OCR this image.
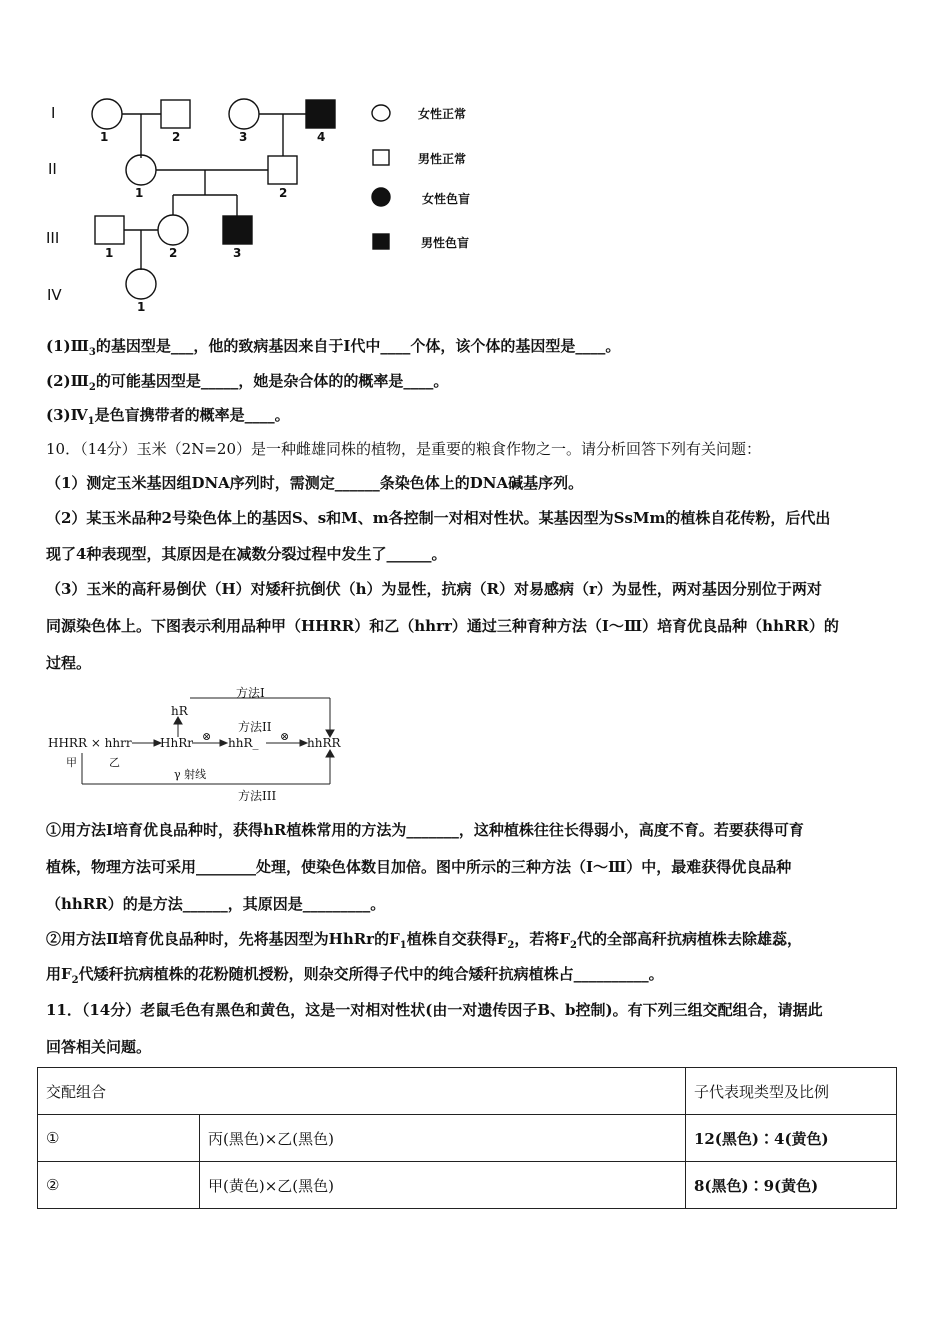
I
II
III
IV
1	2	3	4
1	2
1	2	3
1
女性正常
男性正常
女性色盲
男性色盲
$(1)Ⅲ_3$的基因型是___，他的致病基因来自于Ⅰ代中____个体，该个体的基因型是____。
$(2)Ⅲ_2$的可能基因型是_____，她是杂合体的的概率是____。
$(3)Ⅳ_1$是色盲携带者的概率是____。
10．（14分）玉米（2N=20）是一种雌雄同株的植物，是重要的粮食作物之一。请分析回答下列有关问题：
（1）测定玉米基因组DNA序列时，需测定______条染色体上的DNA碱基序列。
（2）某玉米品种2号染色体上的基因S、s和M、m各控制一对相对性状。某基因型为SsMm的植株自花传粉，后代出
现了4种表现型，其原因是在减数分裂过程中发生了______。
（3）玉米的高秆易倒伏（H）对矮秆抗倒伏（h）为显性，抗病（R）对易感病（r）为显性，两对基因分别位于两对
同源染色体上。下图表示利用品种甲（HHRR）和乙（hhrr）通过三种育种方法（Ⅰ～Ⅲ）培育优良品种（hhRR）的
过程。
方法I
hR
方法II
HHRR × hhrr HhRr ⊗ hhR_ ⊗ hhRR
甲	乙
γ 射线
方法III
①用方法Ⅰ培育优良品种时，获得hR植株常用的方法为_______，这种植株往往长得弱小，高度不育。若要获得可育
植株，物理方法可采用________处理，使染色体数目加倍。图中所示的三种方法（Ⅰ～Ⅲ）中，最难获得优良品种
（hhRR）的是方法______，其原因是_________。
②用方法Ⅱ培育优良品种时，先将基因型为HhRr的$F_1$植株自交获得$F_2$，若将$F_2$代的全部高秆抗病植株去除雄蕊，
用$F_2$代矮秆抗病植株的花粉随机授粉，则杂交所得子代中的纯合矮秆抗病植株占__________。
11．（14分）老鼠毛色有黑色和黄色，这是一对相对性状(由一对遗传因子B、b控制)。有下列三组交配组合，请据此
回答相关问题。
交配组合		子代表现类型及比例
①	丙(黑色)×乙(黑色)	12(黑色)∶4(黄色)
②	甲(黄色)×乙(黑色)	8(黑色)∶9(黄色)
